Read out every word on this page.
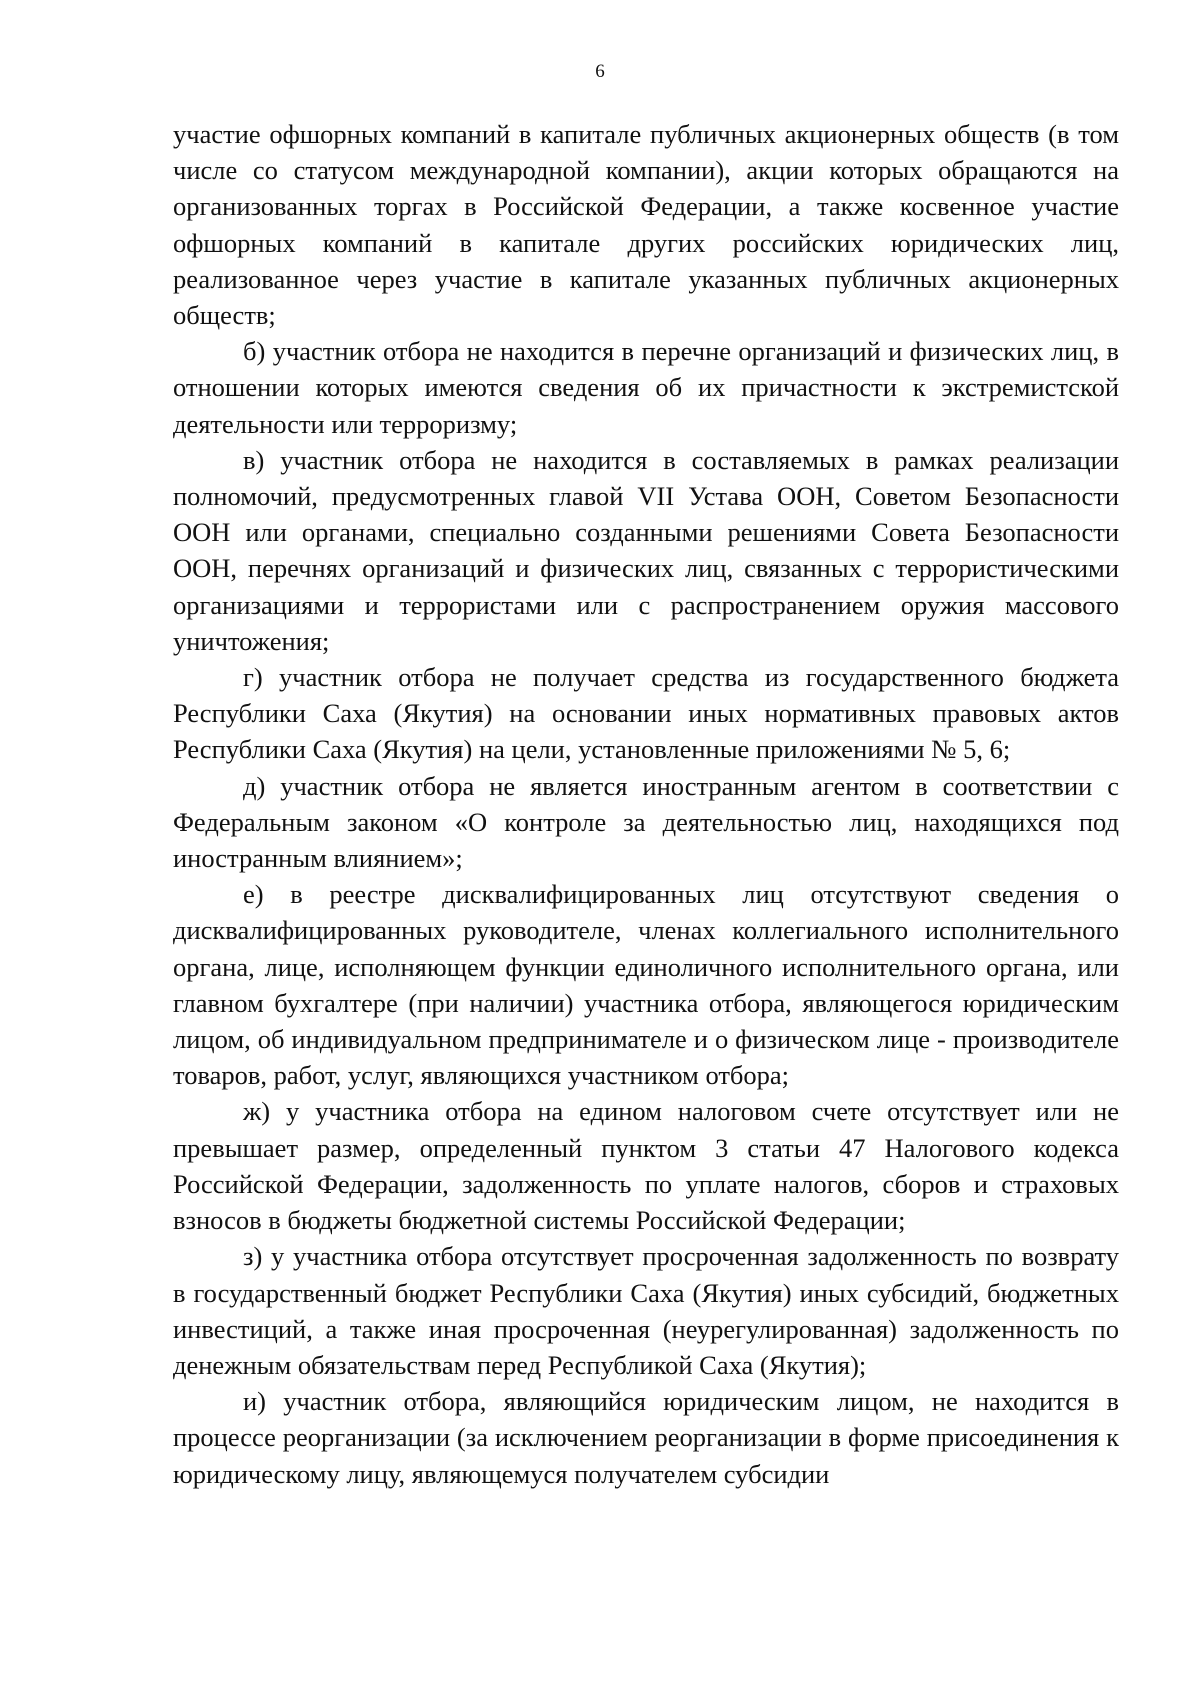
6

участие офшорных компаний в капитале публичных акционерных обществ (в том числе со статусом международной компании), акции которых обращаются на организованных торгах в Российской Федерации, а также косвенное участие офшорных компаний в капитале других российских юридических лиц, реализованное через участие в капитале указанных публичных акционерных обществ;

б) участник отбора не находится в перечне организаций и физических лиц, в отношении которых имеются сведения об их причастности к экстремистской деятельности или терроризму;

в) участник отбора не находится в составляемых в рамках реализации полномочий, предусмотренных главой VII Устава ООН, Советом Безопасности ООН или органами, специально созданными решениями Совета Безопасности ООН, перечнях организаций и физических лиц, связанных с террористическими организациями и террористами или с распространением оружия массового уничтожения;

г) участник отбора не получает средства из государственного бюджета Республики Саха (Якутия) на основании иных нормативных правовых актов Республики Саха (Якутия) на цели, установленные приложениями № 5, 6;

д) участник отбора не является иностранным агентом в соответствии с Федеральным законом «О контроле за деятельностью лиц, находящихся под иностранным влиянием»;

е) в реестре дисквалифицированных лиц отсутствуют сведения о дисквалифицированных руководителе, членах коллегиального исполнительного органа, лице, исполняющем функции единоличного исполнительного органа, или главном бухгалтере (при наличии) участника отбора, являющегося юридическим лицом, об индивидуальном предпринимателе и о физическом лице - производителе товаров, работ, услуг, являющихся участником отбора;

ж) у участника отбора на едином налоговом счете отсутствует или не превышает размер, определенный пунктом 3 статьи 47 Налогового кодекса Российской Федерации, задолженность по уплате налогов, сборов и страховых взносов в бюджеты бюджетной системы Российской Федерации;

з) у участника отбора отсутствует просроченная задолженность по возврату в государственный бюджет Республики Саха (Якутия) иных субсидий, бюджетных инвестиций, а также иная просроченная (неурегулированная) задолженность по денежным обязательствам перед Республикой Саха (Якутия);

и) участник отбора, являющийся юридическим лицом, не находится в процессе реорганизации (за исключением реорганизации в форме присоединения к юридическому лицу, являющемуся получателем субсидии
